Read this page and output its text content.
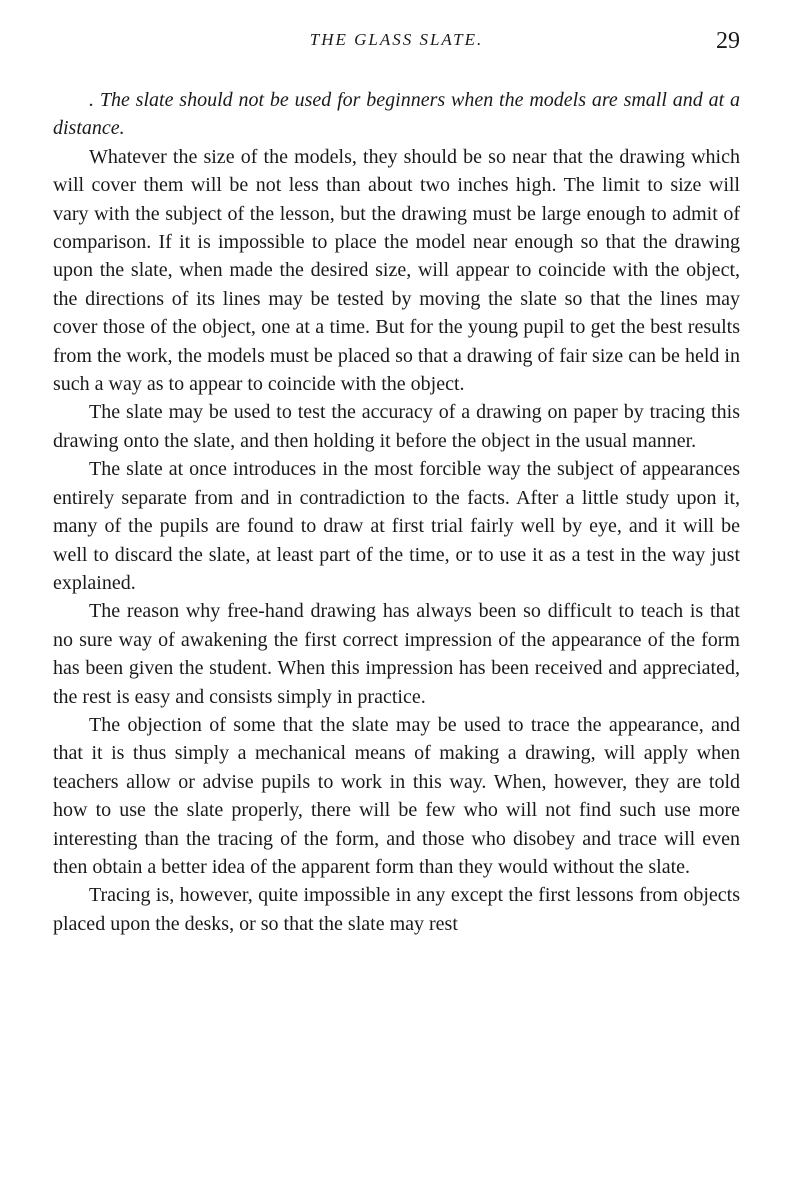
THE GLASS SLATE.	29

. The slate should not be used for beginners when the models are small and at a distance.

Whatever the size of the models, they should be so near that the drawing which will cover them will be not less than about two inches high. The limit to size will vary with the subject of the lesson, but the drawing must be large enough to admit of comparison. If it is impossible to place the model near enough so that the drawing upon the slate, when made the desired size, will appear to coincide with the object, the directions of its lines may be tested by moving the slate so that the lines may cover those of the object, one at a time. But for the young pupil to get the best results from the work, the models must be placed so that a drawing of fair size can be held in such a way as to appear to coincide with the object.

The slate may be used to test the accuracy of a drawing on paper by tracing this drawing onto the slate, and then holding it before the object in the usual manner.

The slate at once introduces in the most forcible way the subject of appearances entirely separate from and in contradiction to the facts. After a little study upon it, many of the pupils are found to draw at first trial fairly well by eye, and it will be well to discard the slate, at least part of the time, or to use it as a test in the way just explained.

The reason why free-hand drawing has always been so difficult to teach is that no sure way of awakening the first correct impression of the appearance of the form has been given the student. When this impression has been received and appreciated, the rest is easy and consists simply in practice.

The objection of some that the slate may be used to trace the appearance, and that it is thus simply a mechanical means of making a drawing, will apply when teachers allow or advise pupils to work in this way. When, however, they are told how to use the slate properly, there will be few who will not find such use more interesting than the tracing of the form, and those who disobey and trace will even then obtain a better idea of the apparent form than they would without the slate.

Tracing is, however, quite impossible in any except the first lessons from objects placed upon the desks, or so that the slate may rest
